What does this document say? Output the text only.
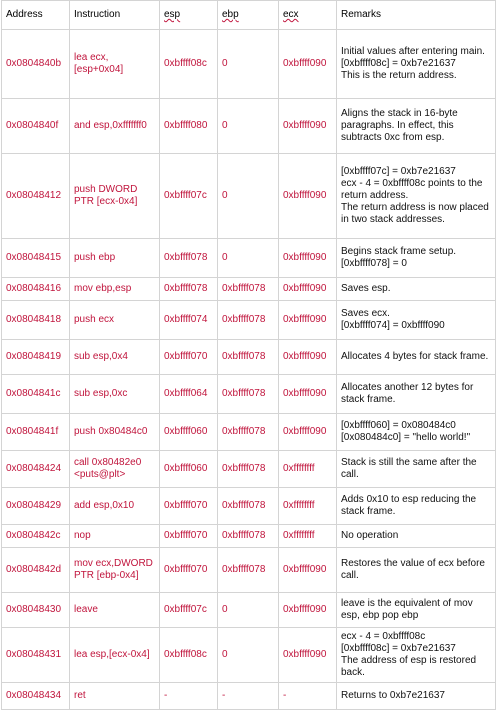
Address	Instruction	esp	ebp	ecx	Remarks
0x0804840b	lea ecx,[esp+0x04]	0xbffff08c	0	0xbffff090	Initial values after entering main.
[0xbffff08c] = 0xb7e21637
This is the return address.
0x0804840f	and esp,0xfffffff0	0xbffff080	0	0xbffff090	Aligns the stack in 16-byte paragraphs. In effect, this subtracts 0xc from esp.
0x08048412	push DWORD PTR [ecx-0x4]	0xbffff07c	0	0xbffff090	[0xbffff07c] = 0xb7e21637
ecx - 4 = 0xbffff08c points to the return address.
The return address is now placed in two stack addresses.
0x08048415	push ebp	0xbffff078	0	0xbffff090	Begins stack frame setup.
[0xbffff078] = 0
0x08048416	mov ebp,esp	0xbffff078	0xbffff078	0xbffff090	Saves esp.
0x08048418	push ecx	0xbffff074	0xbffff078	0xbffff090	Saves ecx.
[0xbffff074] = 0xbffff090
0x08048419	sub esp,0x4	0xbffff070	0xbffff078	0xbffff090	Allocates 4 bytes for stack frame.
0x0804841c	sub esp,0xc	0xbffff064	0xbffff078	0xbffff090	Allocates another 12 bytes for stack frame.
0x0804841f	push 0x80484c0	0xbffff060	0xbffff078	0xbffff090	[0xbffff060] = 0x080484c0
[0x080484c0] = "hello world!"
0x08048424	call 0x80482e0 <puts@plt>	0xbffff060	0xbffff078	0xffffffff	Stack is still the same after the call.
0x08048429	add esp,0x10	0xbffff070	0xbffff078	0xffffffff	Adds 0x10 to esp reducing the stack frame.
0x0804842c	nop	0xbffff070	0xbffff078	0xffffffff	No operation
0x0804842d	mov ecx,DWORD PTR [ebp-0x4]	0xbffff070	0xbffff078	0xbffff090	Restores the value of ecx before call.
0x08048430	leave	0xbffff07c	0	0xbffff090	leave is the equivalent of mov esp, ebp pop ebp
0x08048431	lea esp,[ecx-0x4]	0xbffff08c	0	0xbffff090	ecx - 4 = 0xbffff08c
[0xbffff08c] = 0xb7e21637
The address of esp is restored back.
0x08048434	ret	-	-	-	Returns to 0xb7e21637
